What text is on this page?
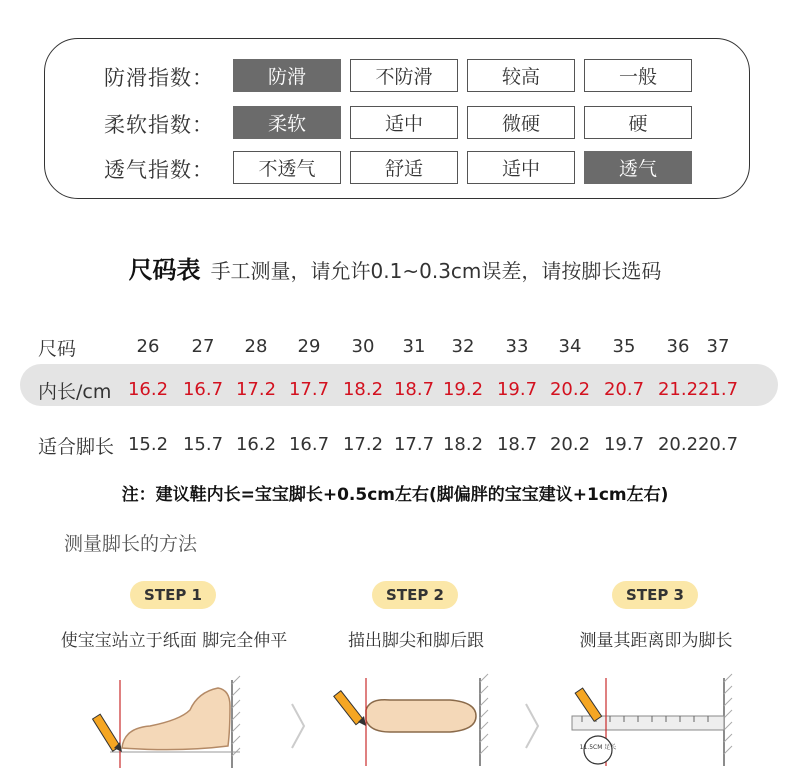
防滑指数：	防滑	不防滑	较高	一般
柔软指数：	柔软	适中	微硬	硬
透气指数：	不透气	舒适	适中	透气
尺码表 手工测量，请允许0.1~0.3cm误差，请按脚长选码
尺码	26	27	28	29	30	31	32	33	34	35	36 37
内长/cm 16.2 16.7 17.2 17.7 18.2 18.7 19.2 19.7 20.2 20.7 21.2 21.7
适合脚长 15.2 15.7 16.2 16.7 17.2 17.7 18.2 18.7 20.2 19.7 20.2 20.7
注：建议鞋内长=宝宝脚长+0.5cm左右(脚偏胖的宝宝建议+1cm左右)
测量脚长的方法
STEP 1	STEP 2	STEP 3
使宝宝站立于纸面 脚完全伸平	描出脚尖和脚后跟	测量其距离即为脚长
11.5CM 足长
